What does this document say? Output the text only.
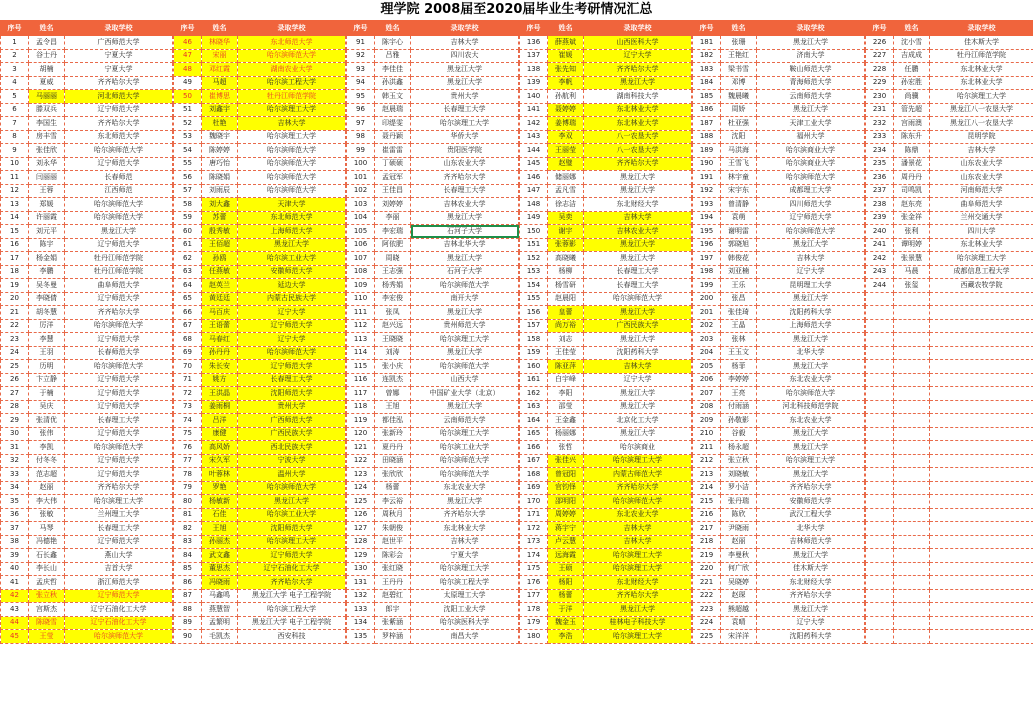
理学院 2008届至2020届毕业生考研情况汇总
序号	姓名	录取学校
1	孟令昌	广西师范大学
2	谷士丹	宁夏大学
3	胡楠	宁夏大学
4	夏威	齐齐哈尔大学
5	马丽丽	河北师范大学
6	滕双兵	辽宁师范大学
7	李国生	齐齐哈尔大学
8	房丰雪	东北师范大学
9	张佳欣	哈尔滨师范大学
10	刘永华	辽宁师范大学
11	闫丽丽	长春师范
12	王蓉	江西师范
13	郑媛	哈尔滨师范大学
14	许丽霞	哈尔滨师范大学
15	刘元平	黑龙江大学
16	陈宇	辽宁师范大学
17	杨金娟	牡丹江师范学院
18	李鹏	牡丹江师范学院
19	吴冬曼	曲阜师范大学
20	李晓倩	辽宁师范大学
21	胡冬慧	齐齐哈尔大学
22	厉洋	哈尔滨师范大学
23	李慧	辽宁师范大学
24	王羽	长春师范大学
25	历明	哈尔滨师范大学
26	卞立静	辽宁师范大学
27	于楠	辽宁师范大学
28	吴庆	辽宁师范大学
29	张清优	长春理工大学
30	张伟	辽宁师范大学
31	李凯	哈尔滨师范大学
32	付冬冬	辽宁师范大学
33	范志超	辽宁师范大学
34	赵丽	齐齐哈尔大学
35	李大伟	哈尔滨理工大学
36	张敏	兰州理工大学
37	马琴	长春理工大学
38	冯德艳	辽宁师范大学
39	石长鑫	燕山大学
40	李长山	吉首大学
41	孟庆哲	浙江师范大学
42	张立秋	辽宁师范大学
43	宫斯杰	辽宁石油化工大学
44	陈晓雪	辽宁石油化工大学
45	王莹	哈尔滨师范大学
序号	姓名	录取学校
46	林晓华	东北师范大学
47	宋丽	哈尔滨师范大学
48	邓红霞	湖南农业大学
49	马超	哈尔滨工程大学
50	崔博思	牡丹江师范学院
51	刘鑫宇	哈尔滨理工大学
52	杜艳	吉林大学
53	魏晓宇	哈尔滨理工大学
54	陈婷婷	哈尔滨师范大学
55	唐巧怡	哈尔滨师范大学
56	陈晓娟	哈尔滨师范大学
57	刘雨辰	哈尔滨师范大学
58	刘大鑫	天津大学
59	苏蕾	东北师范大学
60	殷秀敏	上海师范大学
61	王佰超	黑龙江大学
62	孙鸥	哈尔滨工业大学
63	任燕敏	安徽师范大学
64	赵英兰	延边大学
65	黄廷廷	内蒙古民族大学
66	马百庆	辽宁大学
67	王语蕾	辽宁师范大学
68	马春红	辽宁大学
69	孙丹丹	哈尔滨师范大学
70	朱长安	辽宁师范大学
71	姚方	长春理工大学
72	王洪晶	沈阳师范大学
73	姜雨桐	贵州大学
74	吕洋	广西师范大学
75	康健	广西民族大学
76	高风娇	西北民族大学
77	宋久军	宁波大学
78	叶蓉林	温州大学
79	罗艳	哈尔滨师范大学
80	杨敏新	黑龙江大学
81	石佳	哈尔滨工业大学
82	王旭	沈阳师范大学
83	孙丽杰	哈尔滨理工大学
84	武文鑫	辽宁师范大学
85	董思杰	辽宁石油化工大学
86	冯晓雨	齐齐哈尔大学
87	马鑫鸣	黑龙江大学 电子工程学院
88	燕慧智	哈尔滨工程大学
89	孟繁明	黑龙江大学 电子工程学院
90	毛凯杰	西安科技
序号	姓名	录取学校
91	陈宇心	吉林大学
92	吕雅	四川农大
93	李佳佳	黑龙江大学
94	孙洪鑫	黑龙江大学
95	韩玉文	贵州大学
96	赵晨瑞	长春理工大学
97	印缇雯	哈尔滨理工大学
98	聂丹颖	华侨大学
99	崔雷雷	贵阳医学院
100	丁硕硕	山东农业大学
101	孟冠军	齐齐哈尔大学
102	王佳昌	长春理工大学
103	刘婷婷	吉林农业大学
104	李丽	黑龙江大学
105	李宏瑞	石河子大学
106	阿依肥	吉林北华大学
107	周晓	黑龙江大学
108	王志强	石河子大学
109	杨秀娟	哈尔滨师范大学
110	李宏俊	南开大学
111	张凤	黑龙江大学
112	赵兴远	贵州师范大学
113	王晓晓	哈尔滨理工大学
114	刘涛	黑龙江大学
115	张小庆	哈尔滨师范大学
116	连凯杰	山西大学
117	曾娜	中国矿业大学（北京）
118	王旭	黑龙江大学
119	都佳泓	云南师范大学
120	张新玲	哈尔滨理工大学
121	夏丹丹	哈尔滨工业大学
122	田晓涵	哈尔滨师范大学
123	张欣欣	哈尔滨师范大学
124	杨蕾	东北农业大学
125	李云裕	黑龙江大学
126	周秋月	齐齐哈尔大学
127	朱朝俊	东北林业大学
128	赵世平	吉林大学
129	陈彩会	宁夏大学
130	张红晓	哈尔滨理工大学
131	王丹丹	哈尔滨工程大学
132	赵碧红	太原理工大学
133	郎宇	沈阳工业大学
134	张紫涵	哈尔滨医科大学
135	罗梓涵	南昌大学
序号	姓名	录取学校
136	薛燕斌	山西医科大学
137	崔媛	辽宁大学
138	张先知	齐齐哈尔大学
139	李帆	黑龙江大学
140	孙航利	湖南科技大学
141	聂婷婷	东北林业大学
142	姜博瑞	东北林业大学
143	李双	八一农垦大学
144	王丽莹	八一农垦大学
145	赵璧	齐齐哈尔大学
146	储丽娜	黑龙江大学
147	孟凡雪	黑龙江大学
148	徐志洁	东北财经大学
149	吴奕	吉林大学
150	谢宇	吉林农业大学
151	张蓉影	黑龙江大学
152	高晓曦	黑龙江大学
153	杨柳	长春理工大学
154	杨雪研	长春理工大学
155	赵晨阳	哈尔滨师范大学
156	皇蕾	黑龙江大学
157	尚万裕	广西民族大学
158	刘志	黑龙江大学
159	王佳莹	沈阳药科大学
160	陈亚萍	吉林大学
161	白宇峰	辽宁大学
162	李阳	黑龙江大学
163	邵莹	黑龙江大学
164	王金鑫	北京化工大学
165	杨丽娜	黑龙江大学
166	张哲	哈尔滨商业
167	张佳兴	哈尔滨理工大学
168	曾冠阳	内蒙古师范大学
169	官钧怿	齐齐哈尔大学
170	邵明阳	哈尔滨师范大学
171	周婷婷	东北农业大学
172	蒋宇宁	吉林大学
173	卢云慧	吉林大学
174	远海霞	哈尔滨理工大学
175	王硕	哈尔滨理工大学
176	杨阳	东北财经大学
177	杨蕾	齐齐哈尔大学
178	于洋	黑龙江大学
179	魏金玉	桂林电子科技大学
180	李浩	哈尔滨理工大学
序号	姓名	录取学校
181	张珊	黑龙江大学
182	王艳红	济南大学
183	梁书雪	鞍山师范大学
184	邓博	青海师范大学
185	魏晨曦	云南师范大学
186	周娇	黑龙江大学
187	杜亚强	天津工业大学
188	沈阳	福州大学
189	马洪海	哈尔滨商业大学
190	王雪飞	哈尔滨商业大学
191	林宇童	哈尔滨师范大学
192	宋宇东	成都理工大学
193	曾清静	四川师范大学
194	袁萌	辽宁师范大学
195	谢明雷	哈尔滨师范大学
196	郭晓旭	黑龙江大学
197	韩俊花	吉林大学
198	刘亚楠	辽宁大学
199	王乐	昆明理工大学
200	张昌	黑龙江大学
201	张佳琦	沈阳药科大学
202	王晶	上海师范大学
203	张林	黑龙江大学
204	王玉文	北华大学
205	杨菲	黑龙江大学
206	李婷婷	东北农业大学
207	王亮	哈尔滨师范大学
208	付雨涵	河北科技师范学院
209	孙敬影	东北农业大学
210	谷毅	黑龙江大学
211	杨永超	黑龙江大学
212	张立秋	哈尔滨理工大学
213	刘晓敏	黑龙江大学
214	罗小洁	齐齐哈尔大学
215	张丹瑞	安徽师范大学
216	陈欣	武汉工程大学
217	尹晓雨	北华大学
218	赵丽	吉林师范大学
219	李曼秋	黑龙江大学
220	何广欣	佳木斯大学
221	吴晓婷	东北财经大学
222	赵琛	齐齐哈尔大学
223	熊超越	黑龙江大学
224	袁晴	辽宁大学
225	宋洋洋	沈阳药科大学
序号	姓名	录取学校
226	沈小雪	佳木斯大学
227	吉成成	牡丹江师范学院
228	任鹏	东北林业大学
229	孙宏胜	东北林业大学
230	尚骥	哈尔滨理工大学
231	管先超	黑龙江八一农垦大学
232	宫雨澳	黑龙江八一农垦大学
233	陈东升	昆明学院
234	陈鼎	吉林大学
235	潘景花	山东农业大学
236	周丹丹	山东农业大学
237	司鸣凯	河南师范大学
238	赵东亮	曲阜师范大学
239	张金祥	兰州交通大学
240	张利	四川大学
241	谭明婷	东北林业大学
242	张景慧	哈尔滨理工大学
243	马晨	成都信息工程大学
244	张玺	西藏农牧学院
